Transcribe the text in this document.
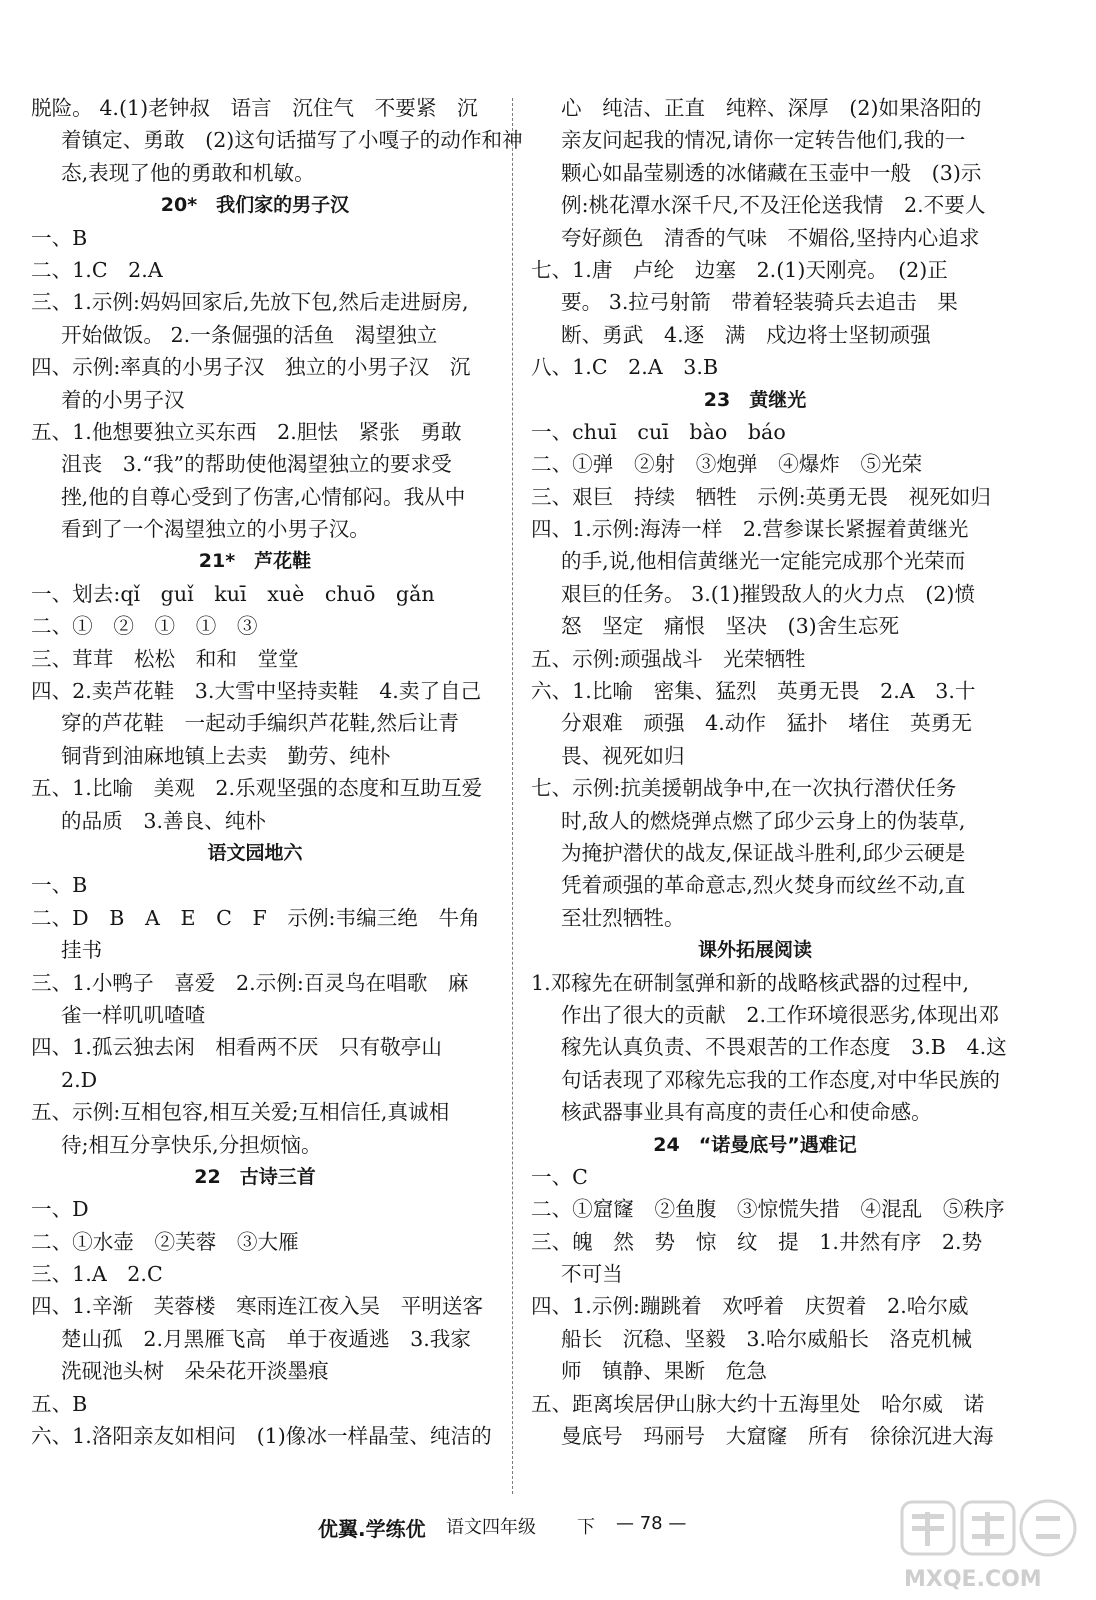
脱险。 4.(1)老钟叔　语言　沉住气　不要紧　沉
着镇定、勇敢　(2)这句话描写了小嘎子的动作和神
态,表现了他的勇敢和机敏。
20*　我们家的男子汉
一、B
二、1.C　2.A
三、1.示例:妈妈回家后,先放下包,然后走进厨房,
开始做饭。 2.一条倔强的活鱼　渴望独立
四、示例:率真的小男子汉　独立的小男子汉　沉
着的小男子汉
五、1.他想要独立买东西　2.胆怯　紧张　勇敢
沮丧　3.“我”的帮助使他渴望独立的要求受
挫,他的自尊心受到了伤害,心情郁闷。我从中
看到了一个渴望独立的小男子汉。
21*　芦花鞋
一、划去:qǐ　guǐ　kuī　xuè　chuō　gǎn
二、①　②　①　①　③
三、茸茸　松松　和和　堂堂
四、2.卖芦花鞋　3.大雪中坚持卖鞋　4.卖了自己
穿的芦花鞋　一起动手编织芦花鞋,然后让青
铜背到油麻地镇上去卖　勤劳、纯朴
五、1.比喻　美观　2.乐观坚强的态度和互助互爱
的品质　3.善良、纯朴
语文园地六
一、B
二、D　B　A　E　C　F　示例:韦编三绝　牛角
挂书
三、1.小鸭子　喜爱　2.示例:百灵鸟在唱歌　麻
雀一样叽叽喳喳
四、1.孤云独去闲　相看两不厌　只有敬亭山
2.D
五、示例:互相包容,相互关爱;互相信任,真诚相
待;相互分享快乐,分担烦恼。
22　古诗三首
一、D
二、①水壶　②芙蓉　③大雁
三、1.A　2.C
四、1.辛渐　芙蓉楼　寒雨连江夜入吴　平明送客
楚山孤　2.月黑雁飞高　单于夜遁逃　3.我家
洗砚池头树　朵朵花开淡墨痕
五、B
六、1.洛阳亲友如相问　(1)像冰一样晶莹、纯洁的
心　纯洁、正直　纯粹、深厚　(2)如果洛阳的
亲友问起我的情况,请你一定转告他们,我的一
颗心如晶莹剔透的冰储藏在玉壶中一般　(3)示
例:桃花潭水深千尺,不及汪伦送我情　2.不要人
夸好颜色　清香的气味　不媚俗,坚持内心追求
七、1.唐　卢纶　边塞　2.(1)天刚亮。　(2)正
要。 3.拉弓射箭　带着轻装骑兵去追击　果
断、勇武　4.逐　满　戍边将士坚韧顽强
八、1.C　2.A　3.B
23　黄继光
一、chuī　cuī　bào　báo
二、①弹　②射　③炮弹　④爆炸　⑤光荣
三、艰巨　持续　牺牲　示例:英勇无畏　视死如归
四、1.示例:海涛一样　2.营参谋长紧握着黄继光
的手,说,他相信黄继光一定能完成那个光荣而
艰巨的任务。 3.(1)摧毁敌人的火力点　(2)愤
怒　坚定　痛恨　坚决　(3)舍生忘死
五、示例:顽强战斗　光荣牺牲
六、1.比喻　密集、猛烈　英勇无畏　2.A　3.十
分艰难　顽强　4.动作　猛扑　堵住　英勇无
畏、视死如归
七、示例:抗美援朝战争中,在一次执行潜伏任务
时,敌人的燃烧弹点燃了邱少云身上的伪装草,
为掩护潜伏的战友,保证战斗胜利,邱少云硬是
凭着顽强的革命意志,烈火焚身而纹丝不动,直
至壮烈牺牲。
课外拓展阅读
1.邓稼先在研制氢弹和新的战略核武器的过程中,
作出了很大的贡献　2.工作环境很恶劣,体现出邓
稼先认真负责、不畏艰苦的工作态度　3.B　4.这
句话表现了邓稼先忘我的工作态度,对中华民族的
核武器事业具有高度的责任心和使命感。
24　“诺曼底号”遇难记
一、C
二、①窟窿　②鱼腹　③惊慌失措　④混乱　⑤秩序
三、魄　然　势　惊　纹　提　1.井然有序　2.势
不可当
四、1.示例:蹦跳着　欢呼着　庆贺着　2.哈尔威
船长　沉稳、坚毅　3.哈尔威船长　洛克机械
师　镇静、果断　危急
五、距离埃居伊山脉大约十五海里处　哈尔威　诺
曼底号　玛丽号　大窟窿　所有　徐徐沉进大海
优翼.学练优 语文四年级 下 — 78 —
MXQE.COM
